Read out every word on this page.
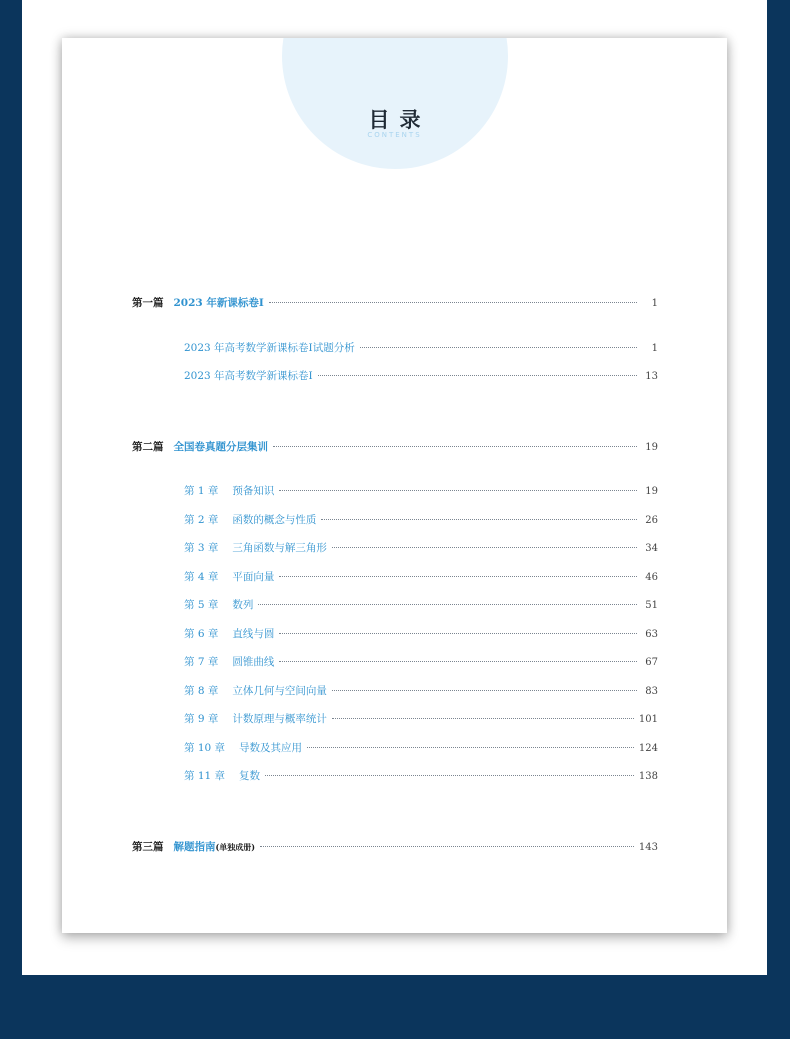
目录
CONTENTS
第一篇 2023 年新课标卷Ⅰ	1
2023 年高考数学新课标卷Ⅰ试题分析	1
2023 年高考数学新课标卷Ⅰ	13
第二篇 全国卷真题分层集训	19
第 1 章 预备知识	19
第 2 章 函数的概念与性质	26
第 3 章 三角函数与解三角形	34
第 4 章 平面向量	46
第 5 章 数列	51
第 6 章 直线与圆	63
第 7 章 圆锥曲线	67
第 8 章 立体几何与空间向量	83
第 9 章 计数原理与概率统计	101
第 10 章 导数及其应用	124
第 11 章 复数	138
第三篇 解题指南 (单独成册)	143
